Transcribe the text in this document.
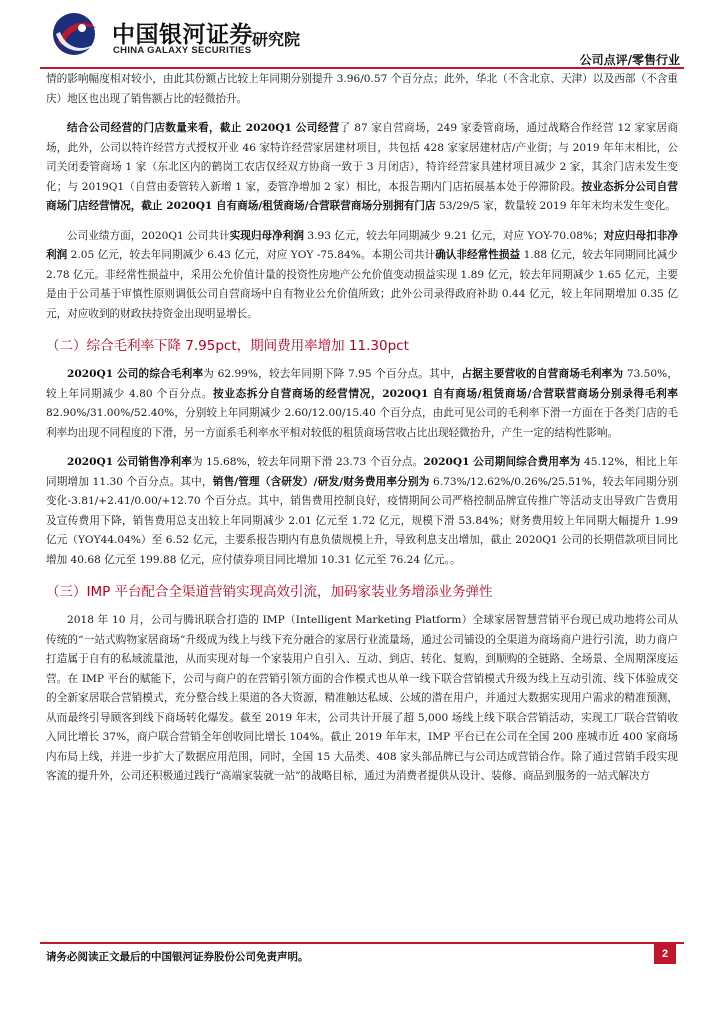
中国银河证券
CHINA GALAXY SECURITIES
研究院
公司点评/零售行业

情的影响幅度相对较小，由此其份额占比较上年同期分别提升 3.96/0.57 个百分点；此外，华北（不含北京、天津）以及西部（不含重庆）地区也出现了销售额占比的轻微抬升。

结合公司经营的门店数量来看，截止 2020Q1 公司经营了 87 家自营商场，249 家委管商场，通过战略合作经营 12 家家居商场，此外，公司以特许经营方式授权开业 46 家特许经营家居建材项目，共包括 428 家家居建材店/产业街；与 2019 年年末相比，公司关闭委管商场 1 家（东北区内的鹤岗工农店仅经双方协商一致于 3 月闭店），特许经营家具建材项目减少 2 家，其余门店未发生变化；与 2019Q1（自营由委管转入新增 1 家，委管净增加 2 家）相比，本报告期内门店拓展基本处于停滞阶段。按业态拆分公司自营商场门店经营情况，截止 2020Q1 自有商场/租赁商场/合营联营商场分别拥有门店 53/29/5 家，数量较 2019 年年末均未发生变化。

公司业绩方面，2020Q1 公司共计实现归母净利润 3.93 亿元，较去年同期减少 9.21 亿元，对应 YOY-70.08%；对应归母扣非净利润 2.05 亿元，较去年同期减少 6.43 亿元，对应 YOY -75.84%。本期公司共计确认非经常性损益 1.88 亿元，较去年同期同比减少 2.78 亿元。非经常性损益中，采用公允价值计量的投资性房地产公允价值变动损益实现 1.89 亿元，较去年同期减少 1.65 亿元，主要是由于公司基于审慎性原则调低公司自营商场中自有物业公允价值所致；此外公司录得政府补助 0.44 亿元，较上年同期增加 0.35 亿元，对应收到的财政扶持资金出现明显增长。

（二）综合毛利率下降 7.95pct，期间费用率增加 11.30pct

2020Q1 公司的综合毛利率为 62.99%，较去年同期下降 7.95 个百分点。其中，占据主要营收的自营商场毛利率为 73.50%，较上年同期减少 4.80 个百分点。按业态拆分自营商场的经营情况，2020Q1 自有商场/租赁商场/合营联营商场分别录得毛利率 82.90%/31.00%/52.40%，分别较上年同期减少 2.60/12.00/15.40 个百分点，由此可见公司的毛利率下滑一方面在于各类门店的毛利率均出现不同程度的下滑，另一方面系毛利率水平相对较低的租赁商场营收占比出现轻微抬升，产生一定的结构性影响。

2020Q1 公司销售净利率为 15.68%，较去年同期下滑 23.73 个百分点。2020Q1 公司期间综合费用率为 45.12%，相比上年同期增加 11.30 个百分点。其中，销售/管理（含研发）/研发/财务费用率分别为 6.73%/12.62%/0.26%/25.51%，较去年同期分别变化-3.81/+2.41/0.00/+12.70 个百分点。其中，销售费用控制良好，疫情期间公司严格控制品牌宣传推广等活动支出导致广告费用及宣传费用下降，销售费用总支出较上年同期减少 2.01 亿元至 1.72 亿元，规模下滑 53.84%；财务费用较上年同期大幅提升 1.99 亿元（YOY44.04%）至 6.52 亿元，主要系报告期内有息负债规模上升，导致利息支出增加，截止 2020Q1 公司的长期借款项目同比增加 40.68 亿元至 199.88 亿元，应付债券项目同比增加 10.31 亿元至 76.24 亿元。。

（三）IMP 平台配合全渠道营销实现高效引流，加码家装业务增添业务弹性

2018 年 10 月，公司与腾讯联合打造的 IMP（Intelligent Marketing Platform）全球家居智慧营销平台现已成功地将公司从传统的“一站式购物家居商场”升级成为线上与线下充分融合的家居行业流量场，通过公司铺设的全渠道为商场商户进行引流，助力商户打造属于自有的私域流量池，从而实现对每一个家装用户自引入、互动、到店、转化、复购，到顺购的全链路、全场景、全周期深度运营。在 IMP 平台的赋能下，公司与商户的在营销引领方面的合作模式也从单一线下联合营销模式升级为线上互动引流、线下体验成交的全新家居联合营销模式，充分整合线上渠道的各大资源，精准触达私域、公域的潜在用户，并通过大数据实现用户需求的精准预测，从而最终引导顾客到线下商场转化爆发。截至 2019 年末，公司共计开展了超 5,000 场线上线下联合营销活动，实现工厂联合营销收入同比增长 37%，商户联合营销全年创收同比增长 104%。截止 2019 年年末，IMP 平台已在公司在全国 200 座城市近 400 家商场内布局上线，并进一步扩大了数据应用范围，同时，全国 15 大品类、408 家头部品牌已与公司达成营销合作。除了通过营销手段实现客流的提升外，公司还积极通过践行“高端家装就一站”的战略目标，通过为消费者提供从设计、装修、商品到服务的一站式解决方

请务必阅读正文最后的中国银河证券股份公司免责声明。	2
